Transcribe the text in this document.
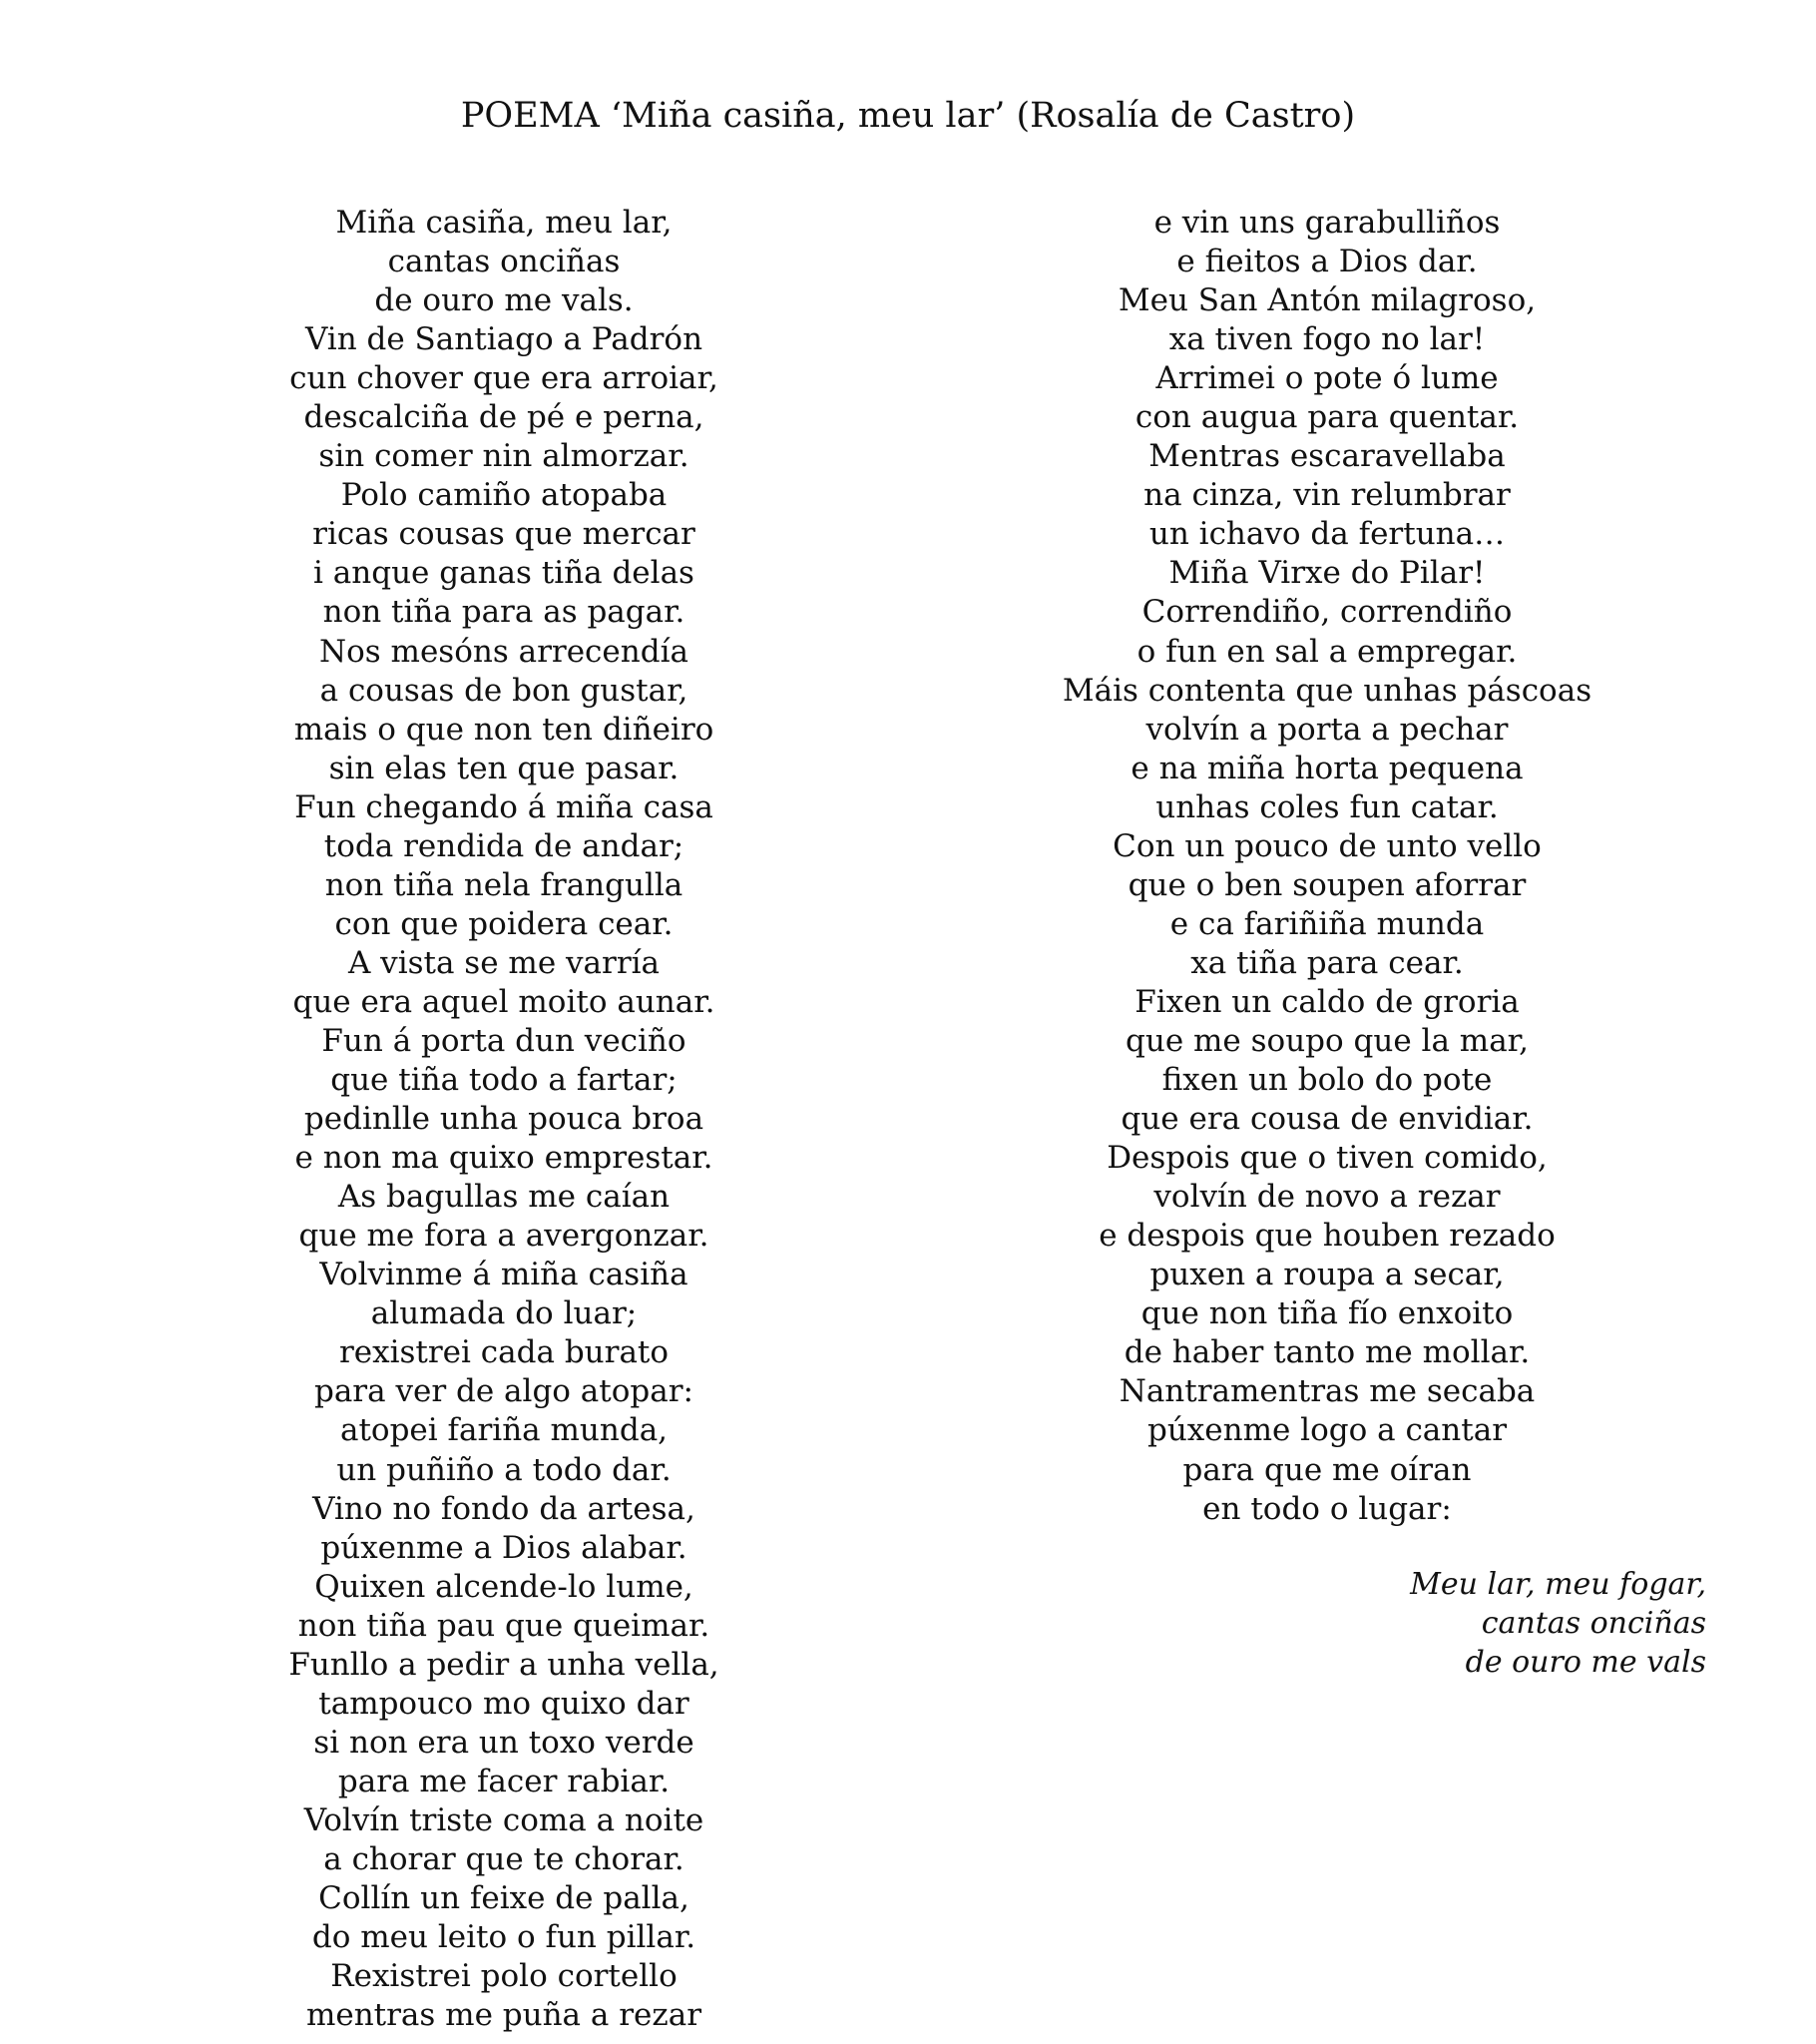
POEMA ‘Miña casiña, meu lar’ (Rosalía de Castro)
Miña casiña, meu lar,
cantas onciñas
de ouro me vals.
Vin de Santiago a Padrón
cun chover que era arroiar,
descalciña de pé e perna,
sin comer nin almorzar.
Polo camiño atopaba
ricas cousas que mercar
i anque ganas tiña delas
non tiña para as pagar.
Nos mesóns arrecendía
a cousas de bon gustar,
mais o que non ten diñeiro
sin elas ten que pasar.
Fun chegando á miña casa
toda rendida de andar;
non tiña nela frangulla
con que poidera cear.
A vista se me varría
que era aquel moito aunar.
Fun á porta dun veciño
que tiña todo a fartar;
pedinlle unha pouca broa
e non ma quixo emprestar.
As bagullas me caían
que me fora a avergonzar.
Volvinme á miña casiña
alumada do luar;
rexistrei cada burato
para ver de algo atopar:
atopei fariña munda,
un puñiño a todo dar.
Vino no fondo da artesa,
púxenme a Dios alabar.
Quixen alcende-lo lume,
non tiña pau que queimar.
Funllo a pedir a unha vella,
tampouco mo quixo dar
si non era un toxo verde
para me facer rabiar.
Volvín triste coma a noite
a chorar que te chorar.
Collín un feixe de palla,
do meu leito o fun pillar.
Rexistrei polo cortello
mentras me puña a rezar
e vin uns garabulliños
e fieitos a Dios dar.
Meu San Antón milagroso,
xa tiven fogo no lar!
Arrimei o pote ó lume
con augua para quentar.
Mentras escaravellaba
na cinza, vin relumbrar
un ichavo da fertuna…
Miña Virxe do Pilar!
Correndiño, correndiño
o fun en sal a empregar.
Máis contenta que unhas páscoas
volvín a porta a pechar
e na miña horta pequena
unhas coles fun catar.
Con un pouco de unto vello
que o ben soupen aforrar
e ca fariñiña munda
xa tiña para cear.
Fixen un caldo de groria
que me soupo que la mar,
fixen un bolo do pote
que era cousa de envidiar.
Despois que o tiven comido,
volvín de novo a rezar
e despois que houben rezado
puxen a roupa a secar,
que non tiña fío enxoito
de haber tanto me mollar.
Nantramentras me secaba
púxenme logo a cantar
para que me oíran
en todo o lugar:
Meu lar, meu fogar,
cantas onciñas
de ouro me vals
